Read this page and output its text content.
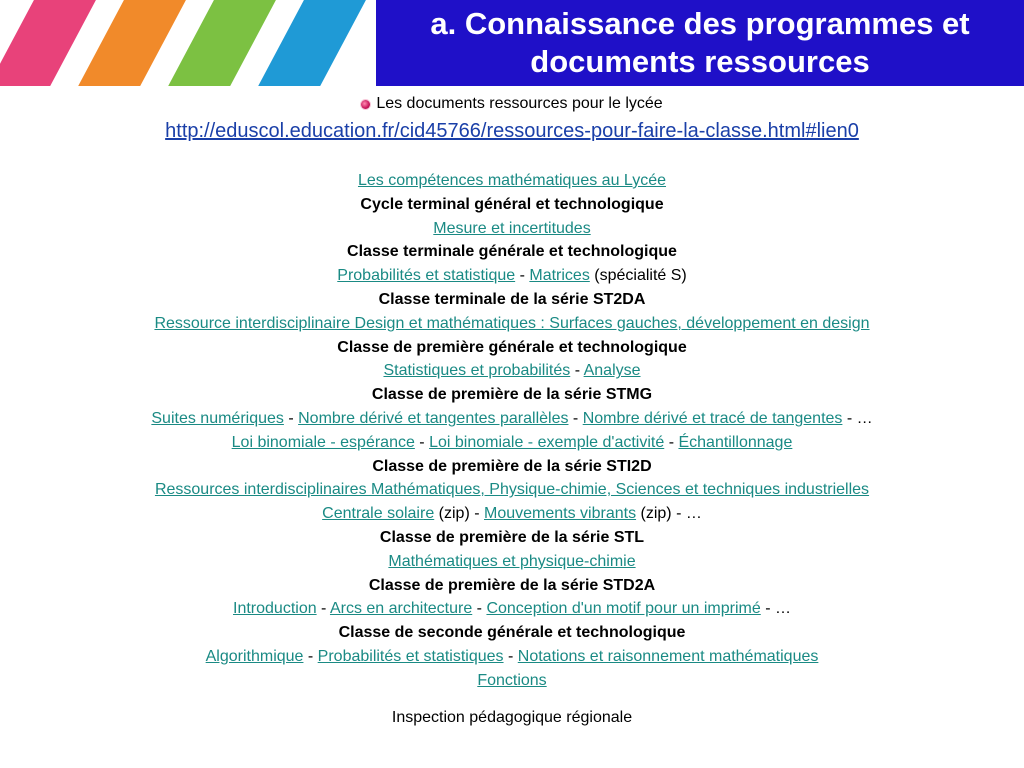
a. Connaissance des programmes et documents ressources
Les documents ressources pour le lycée
http://eduscol.education.fr/cid45766/ressources-pour-faire-la-classe.html#lien0
Les compétences mathématiques au Lycée
Cycle terminal général et technologique
Mesure et incertitudes
Classe terminale générale et technologique
Probabilités et statistique - Matrices (spécialité S)
Classe terminale de la série ST2DA
Ressource interdisciplinaire Design et mathématiques : Surfaces gauches, développement en design
Classe de première générale et technologique
Statistiques et probabilités - Analyse
Classe de première de la série STMG
Suites numériques - Nombre dérivé et tangentes parallèles - Nombre dérivé et tracé de tangentes - …
Loi binomiale - espérance - Loi binomiale - exemple d'activité - Échantillonnage
Classe de première de la série STI2D
Ressources interdisciplinaires Mathématiques, Physique-chimie, Sciences et techniques industrielles
Centrale solaire (zip) - Mouvements vibrants (zip) - …
Classe de première de la série STL
Mathématiques et physique-chimie
Classe de première de la série STD2A
Introduction - Arcs en architecture - Conception d'un motif pour un imprimé - …
Classe de seconde générale et technologique
Algorithmique - Probabilités et statistiques - Notations et raisonnement mathématiques
Fonctions
Inspection pédagogique régionale
